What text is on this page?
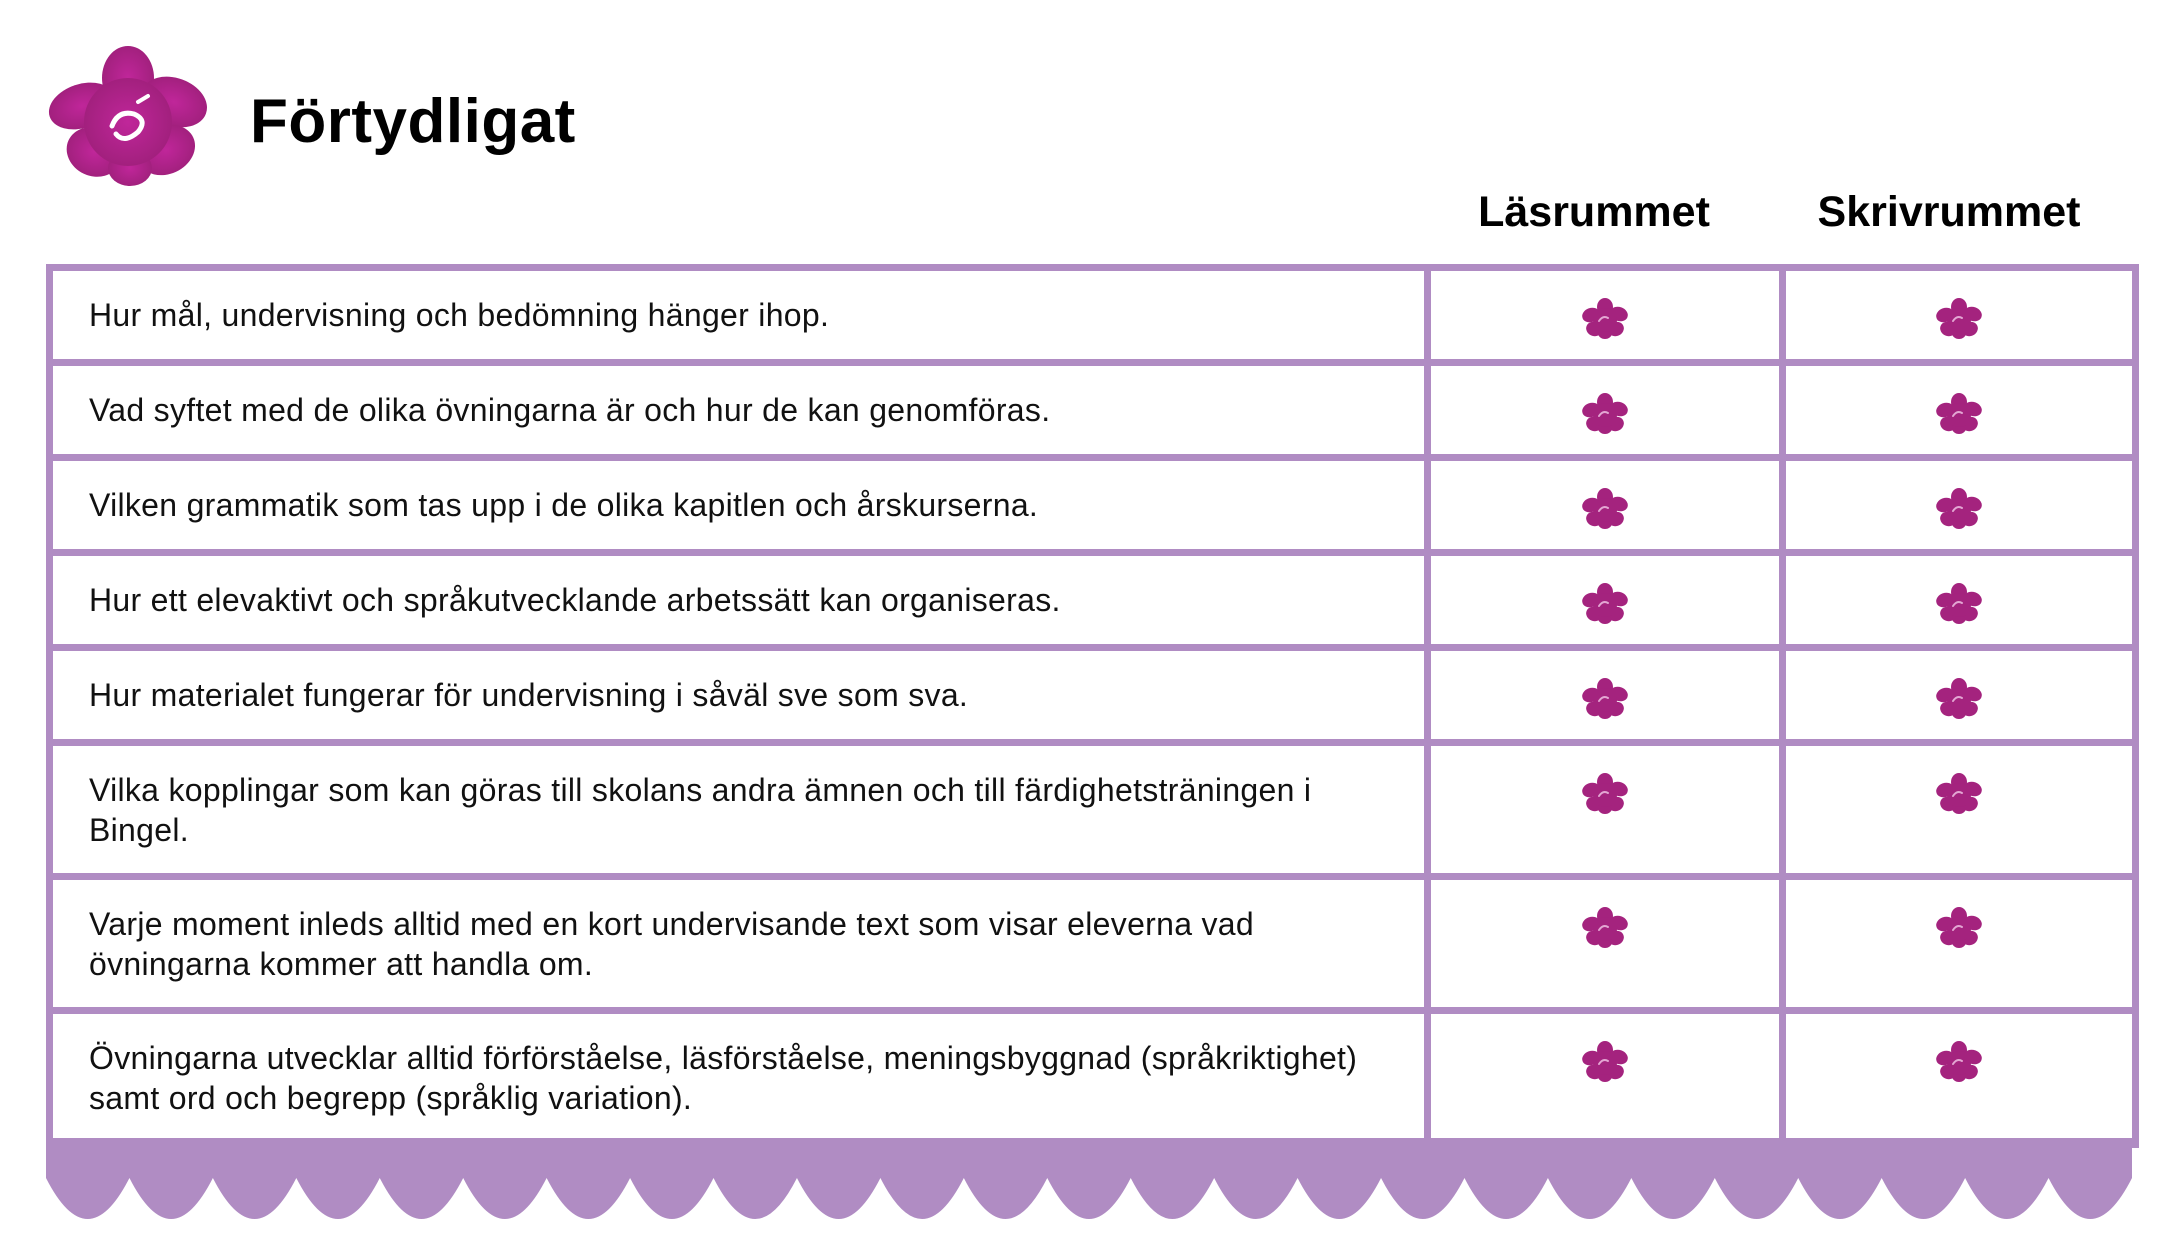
Förtydligat
Läsrummet	Skrivrummet
Hur mål, undervisning och bedömning hänger ihop.		
Vad syftet med de olika övningarna är och hur de kan genomföras.		
Vilken grammatik som tas upp i de olika kapitlen och årskurserna.		
Hur ett elevaktivt och språkutvecklande arbetssätt kan organiseras.		
Hur materialet fungerar för undervisning i såväl sve som sva.		
Vilka kopplingar som kan göras till skolans andra ämnen och till färdighetsträningen i Bingel.		
Varje moment inleds alltid med en kort undervisande text som visar eleverna vad övningarna kommer att handla om.		
Övningarna utvecklar alltid förförståelse, läsförståelse, meningsbyggnad (språkriktighet) samt ord och begrepp (språklig variation).		
